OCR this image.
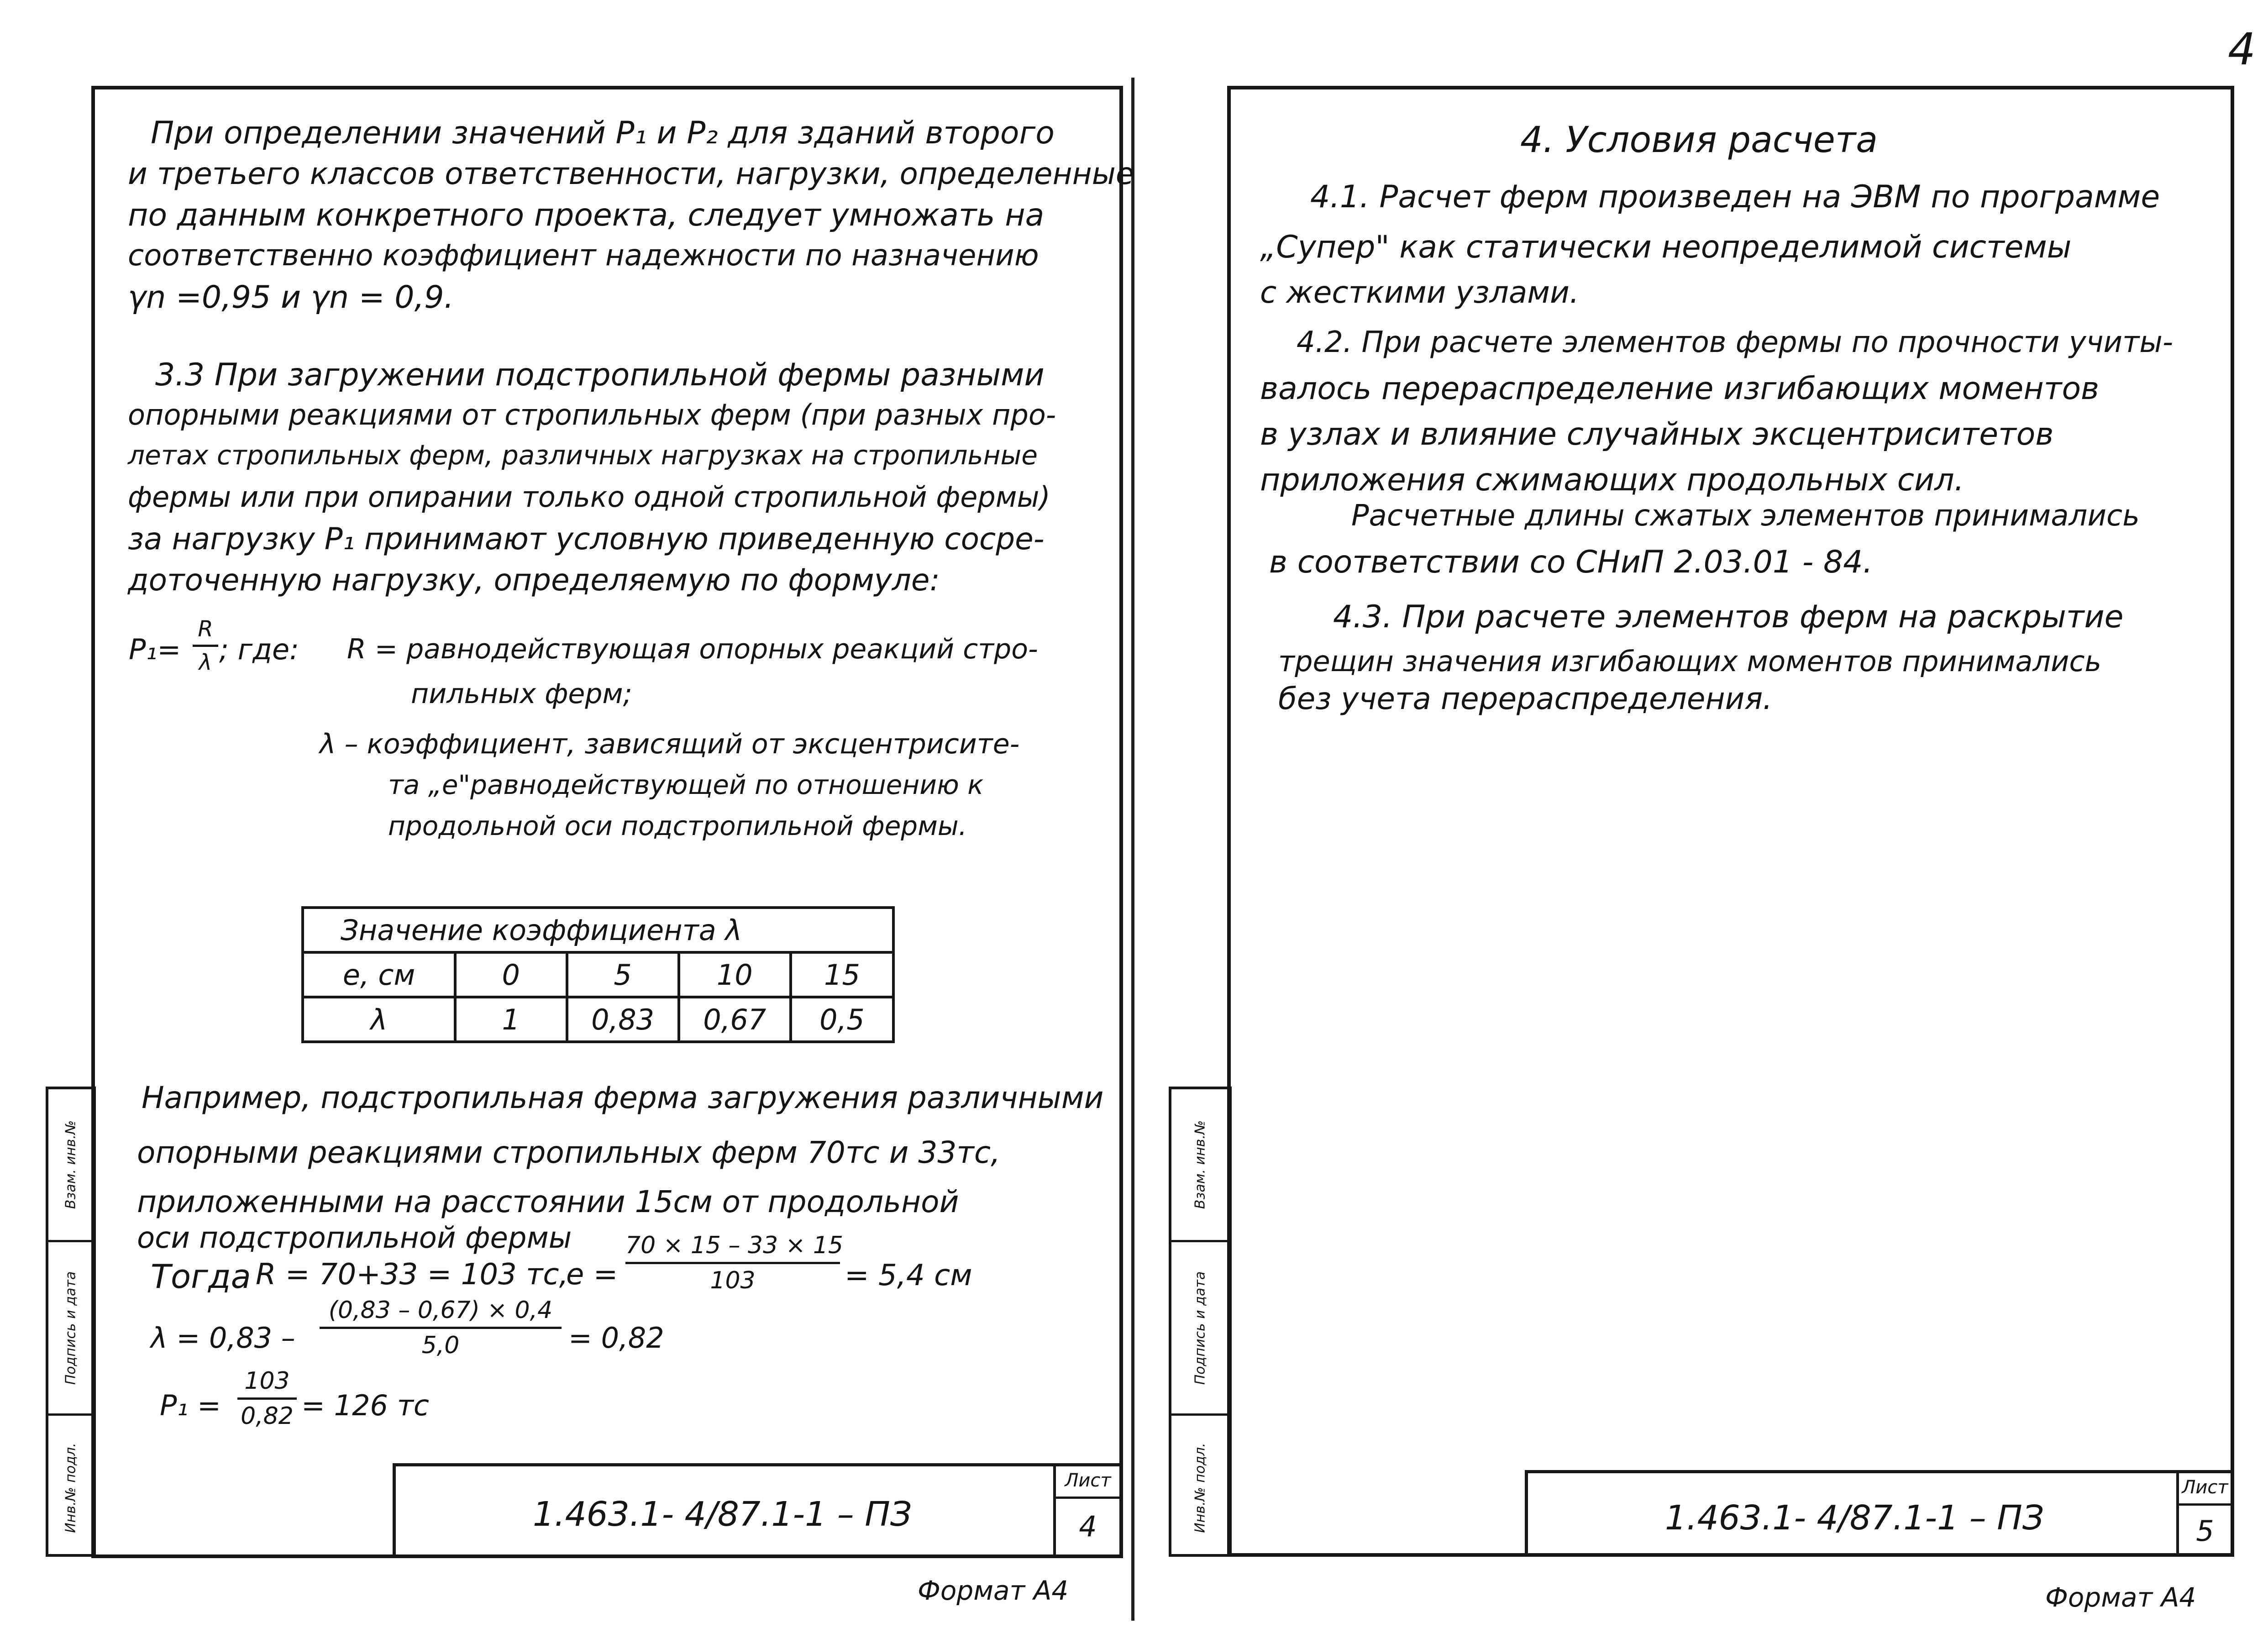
4
При определении значений P₁ и P₂ для зданий второго
и третьего классов ответственности, нагрузки, определенные
по данным конкретного проекта, следует умножать на
соответственно коэффициент надежности по назначению
γn =0,95 и γn = 0,9.
3.3 При загружении подстропильной фермы разными
опорными реакциями от стропильных ферм (при разных про-
летах стропильных ферм, различных нагрузках на стропильные
фермы или при опирании только одной стропильной фермы)
за нагрузку P₁ принимают условную приведенную сосре-
доточенную нагрузку, определяемую по формуле:
P₁=
R
λ ; где: R = равнодействующая опорных реакций стро-
пильных ферм;
λ – коэффициент, зависящий от эксцентрисите-
та „е"равнодействующей по отношению к
продольной оси подстропильной фермы.
Значение коэффициента λ				
е, см	0	5	10	15
λ	1	0,83	0,67	0,5
Например, подстропильная ферма загружения различными
опорными реакциями стропильных ферм 70тс и 33тс,
приложенными на расстоянии 15см от продольной
оси подстропильной фермы
Тогда R = 70+33 = 103 тс,
е =
70 × 15 – 33 × 15
103	= 5,4 см
λ = 0,83 –
(0,83 – 0,67) × 0,4
5,0	= 0,82
P₁ =
103
0,82 = 126 тс
Взам. инв.№
Подпись и дата
Инв.№ подл.	1.463.1- 4/87.1-1 – ПЗ
Лист
4
Формат А4
4. Условия расчета
4.1. Расчет ферм произведен на ЭВМ по программе
„Супер" как статически неопределимой системы
с жесткими узлами.
4.2. При расчете элементов фермы по прочности учиты-
валось перераспределение изгибающих моментов
в узлах и влияние случайных эксцентриситетов
приложения сжимающих продольных сил.
Расчетные длины сжатых элементов принимались
в соответствии со СНиП 2.03.01 - 84.
4.3. При расчете элементов ферм на раскрытие
трещин значения изгибающих моментов принимались
без учета перераспределения.
Взам. инв.№
Подпись и дата
Инв.№ подл.	1.463.1- 4/87.1-1 – ПЗ
Лист
5
Формат А4
